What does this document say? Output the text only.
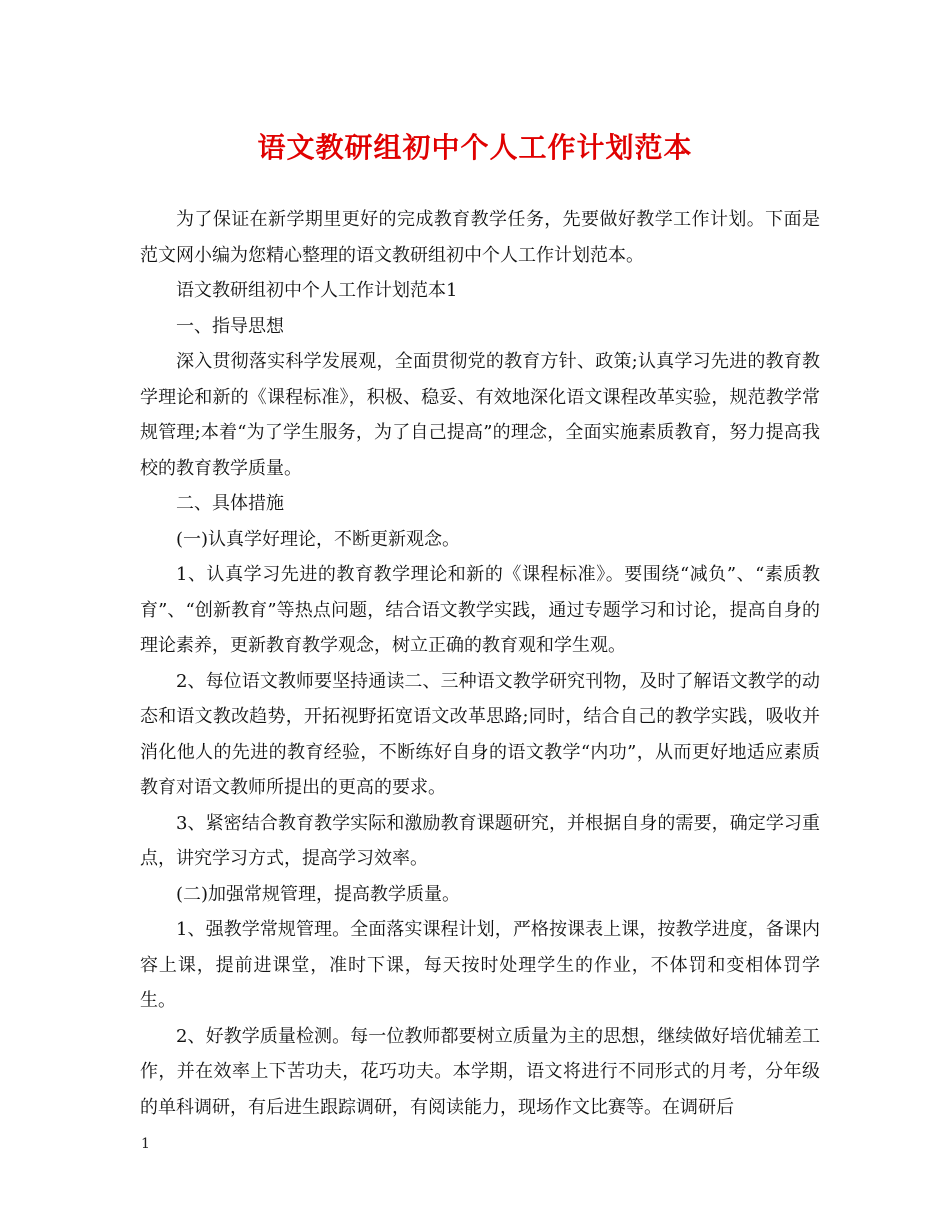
语文教研组初中个人工作计划范本

为了保证在新学期里更好的完成教育教学任务，先要做好教学工作计划。下面是范文网小编为您精心整理的语文教研组初中个人工作计划范本。

语文教研组初中个人工作计划范本1

一、指导思想

深入贯彻落实科学发展观，全面贯彻党的教育方针、政策;认真学习先进的教育教学理论和新的《课程标准》，积极、稳妥、有效地深化语文课程改革实验，规范教学常规管理;本着“为了学生服务，为了自己提高”的理念，全面实施素质教育，努力提高我校的教育教学质量。

二、具体措施

(一)认真学好理论，不断更新观念。

1、认真学习先进的教育教学理论和新的《课程标准》。要围绕“减负”、“素质教育”、“创新教育”等热点问题，结合语文教学实践，通过专题学习和讨论，提高自身的理论素养，更新教育教学观念，树立正确的教育观和学生观。

2、每位语文教师要坚持通读二、三种语文教学研究刊物，及时了解语文教学的动态和语文教改趋势，开拓视野拓宽语文改革思路;同时，结合自己的教学实践，吸收并消化他人的先进的教育经验，不断练好自身的语文教学“内功”，从而更好地适应素质教育对语文教师所提出的更高的要求。

3、紧密结合教育教学实际和激励教育课题研究，并根据自身的需要，确定学习重点，讲究学习方式，提高学习效率。

(二)加强常规管理，提高教学质量。

1、强教学常规管理。全面落实课程计划，严格按课表上课，按教学进度，备课内容上课，提前进课堂，准时下课，每天按时处理学生的作业，不体罚和变相体罚学生。

2、好教学质量检测。每一位教师都要树立质量为主的思想，继续做好培优辅差工作，并在效率上下苦功夫，花巧功夫。本学期，语文将进行不同形式的月考，分年级的单科调研，有后进生跟踪调研，有阅读能力，现场作文比赛等。在调研后

1
